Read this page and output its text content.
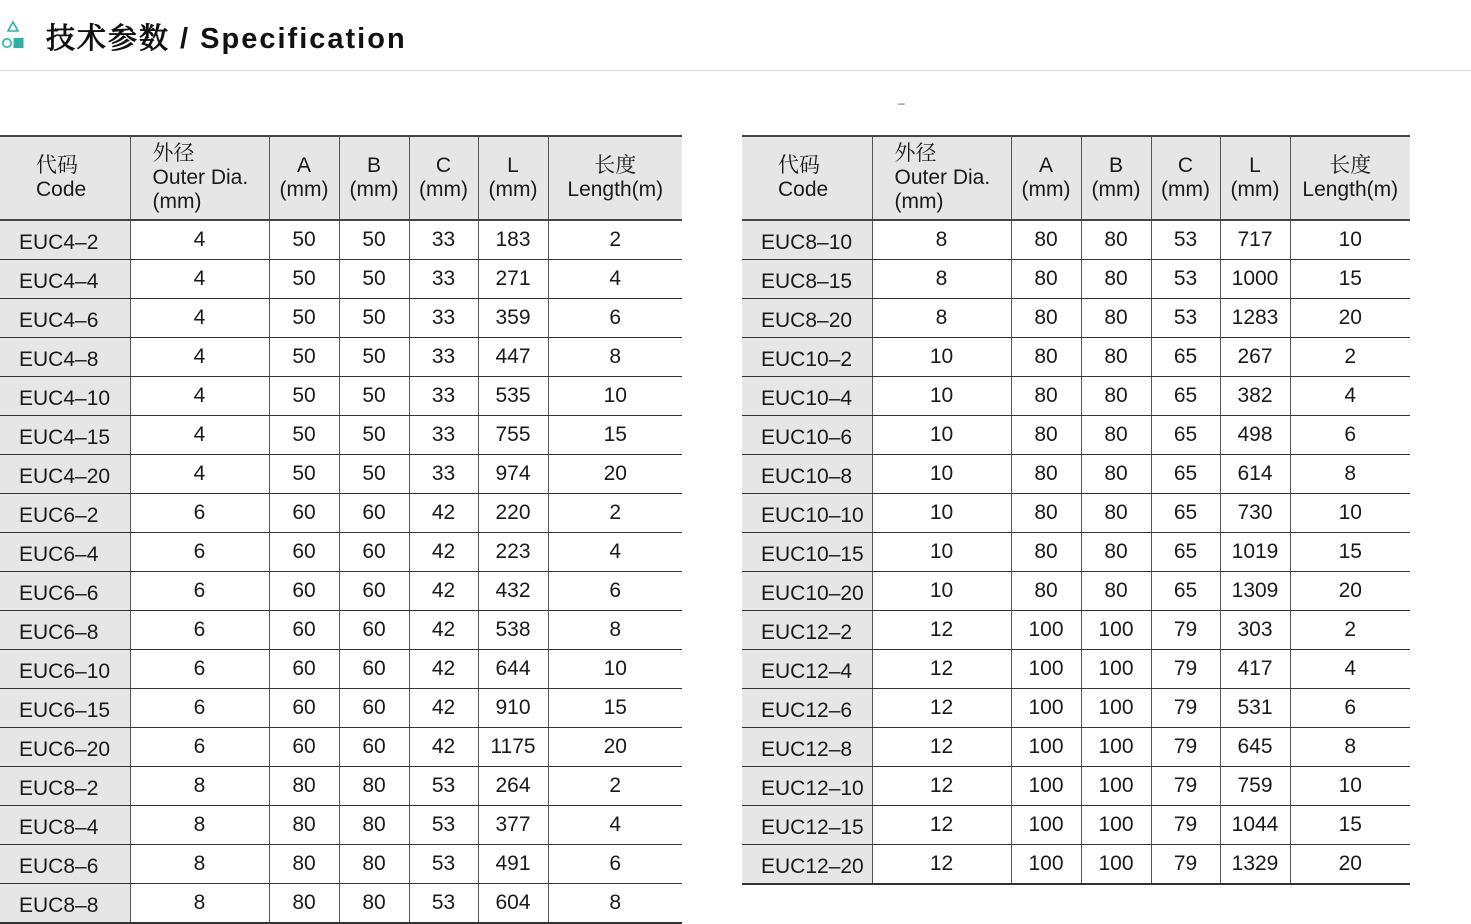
技术参数 / Specification
–
代码
Code	外径
Outer Dia.
(mm)	A
(mm)	B
(mm)	C
(mm)	L
(mm)	长度
Length(m)

EUC4–2	4	50	50	33	183	2
EUC4–4	4	50	50	33	271	4
EUC4–6	4	50	50	33	359	6
EUC4–8	4	50	50	33	447	8
EUC4–10	4	50	50	33	535	10
EUC4–15	4	50	50	33	755	15
EUC4–20	4	50	50	33	974	20
EUC6–2	6	60	60	42	220	2
EUC6–4	6	60	60	42	223	4
EUC6–6	6	60	60	42	432	6
EUC6–8	6	60	60	42	538	8
EUC6–10	6	60	60	42	644	10
EUC6–15	6	60	60	42	910	15
EUC6–20	6	60	60	42	1175	20
EUC8–2	8	80	80	53	264	2
EUC8–4	8	80	80	53	377	4
EUC8–6	8	80	80	53	491	6
EUC8–8	8	80	80	53	604	8
代码
Code	外径
Outer Dia.
(mm)	A
(mm)	B
(mm)	C
(mm)	L
(mm)	长度
Length(m)

EUC8–10	8	80	80	53	717	10
EUC8–15	8	80	80	53	1000	15
EUC8–20	8	80	80	53	1283	20
EUC10–2	10	80	80	65	267	2
EUC10–4	10	80	80	65	382	4
EUC10–6	10	80	80	65	498	6
EUC10–8	10	80	80	65	614	8
EUC10–10	10	80	80	65	730	10
EUC10–15	10	80	80	65	1019	15
EUC10–20	10	80	80	65	1309	20
EUC12–2	12	100	100	79	303	2
EUC12–4	12	100	100	79	417	4
EUC12–6	12	100	100	79	531	6
EUC12–8	12	100	100	79	645	8
EUC12–10	12	100	100	79	759	10
EUC12–15	12	100	100	79	1044	15
EUC12–20	12	100	100	79	1329	20
